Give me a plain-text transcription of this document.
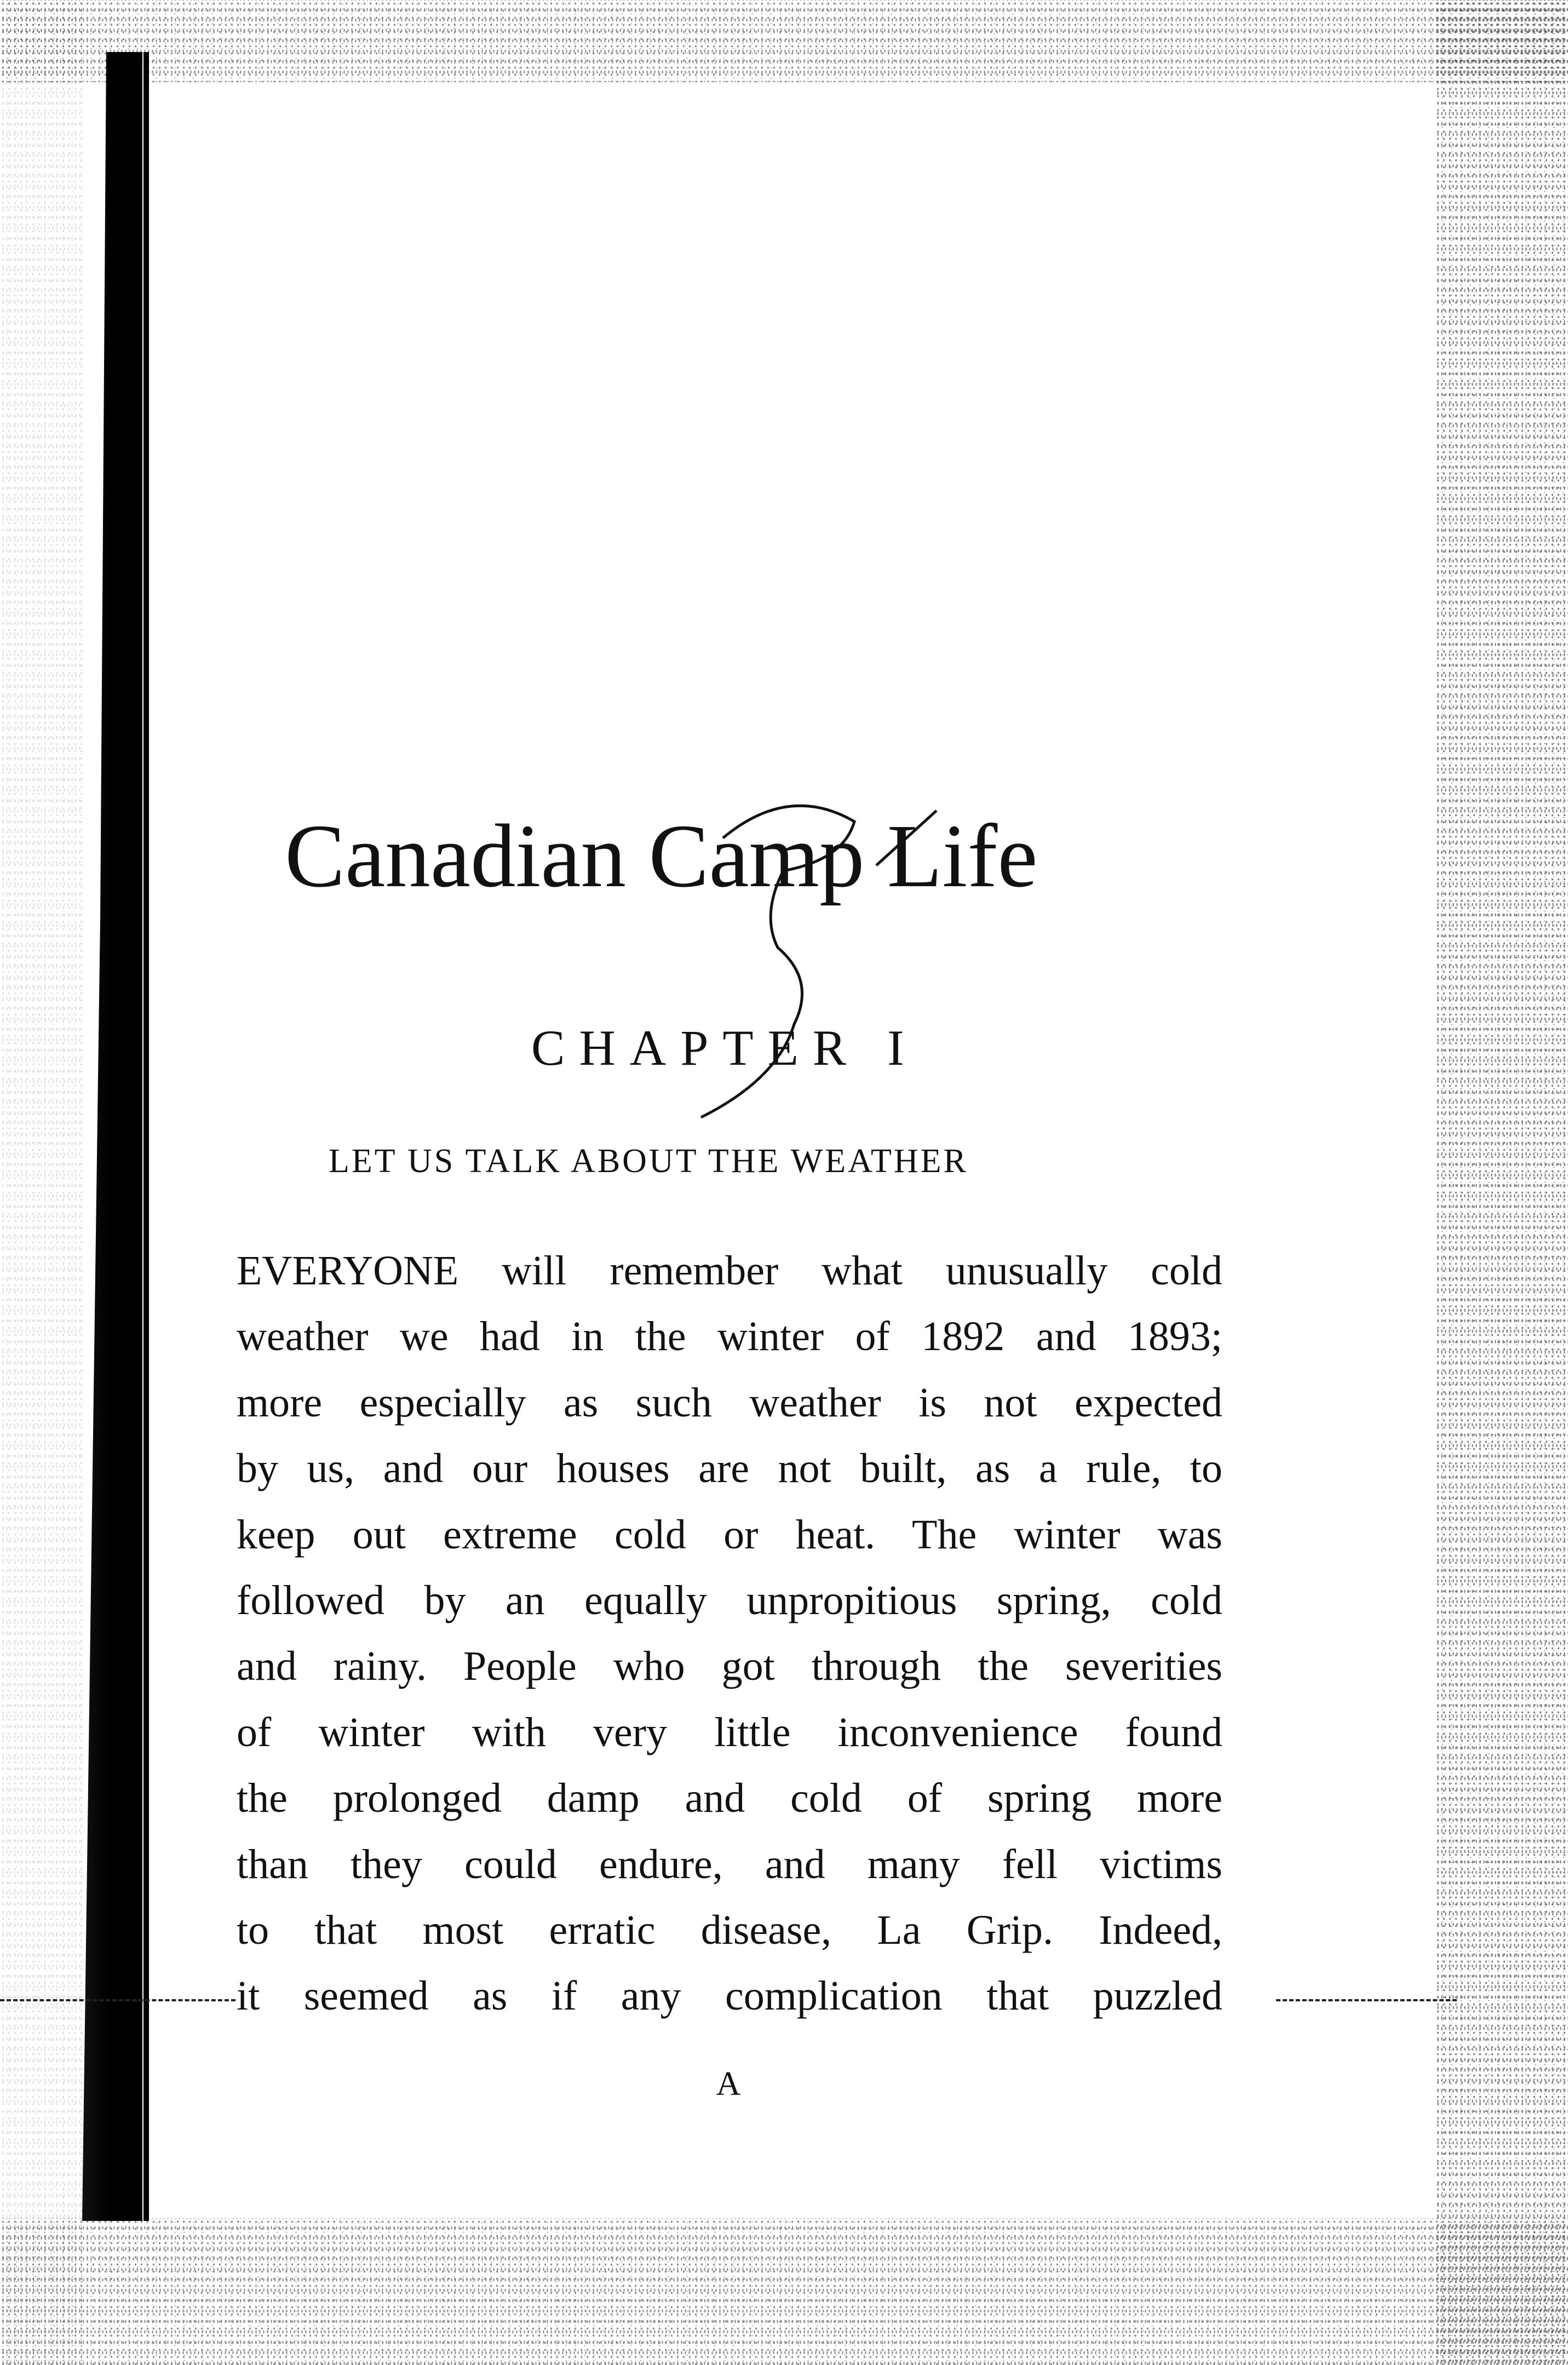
Canadian Camp Life
CHAPTER I
LET US TALK ABOUT THE WEATHER
EVERYONE will remember what unusually cold
weather we had in the winter of 1892 and 1893;
more especially as such weather is not expected
by us, and our houses are not built, as a rule, to
keep out extreme cold or heat. The winter was
followed by an equally unpropitious spring, cold
and rainy. People who got through the severities
of winter with very little inconvenience found
the prolonged damp and cold of spring more
than they could endure, and many fell victims
to that most erratic disease, La Grip. Indeed,
it seemed as if any complication that puzzled
A
